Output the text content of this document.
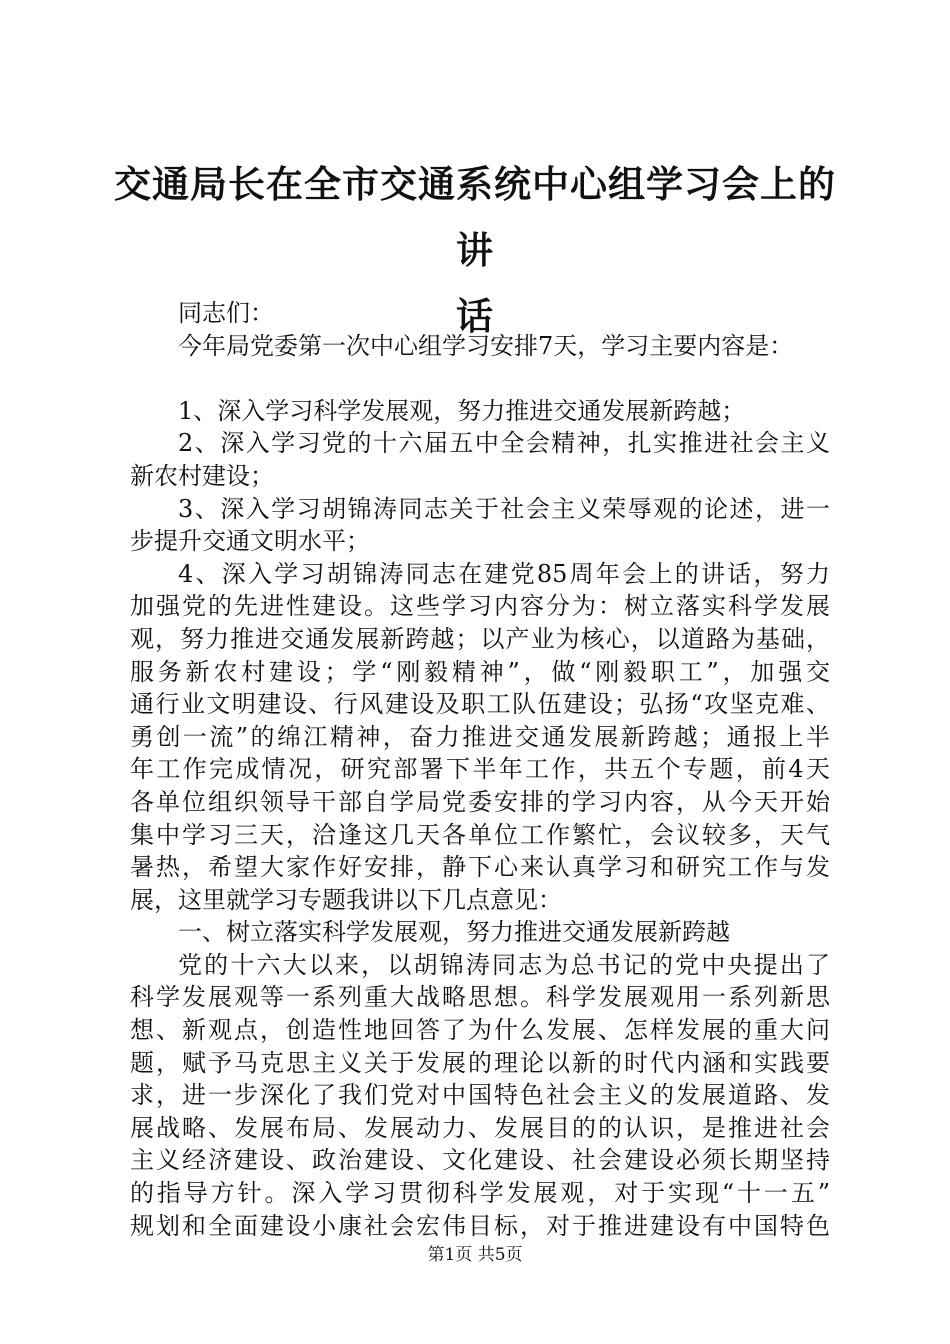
交通局长在全市交通系统中心组学习会上的讲
话
同志们：
今年局党委第一次中心组学习安排7天，学习主要内容是：
1、深入学习科学发展观，努力推进交通发展新跨越；
2、深入学习党的十六届五中全会精神，扎实推进社会主义
新农村建设；
3、深入学习胡锦涛同志关于社会主义荣辱观的论述，进一
步提升交通文明水平；
4、深入学习胡锦涛同志在建党85周年会上的讲话，努力
加强党的先进性建设。这些学习内容分为：树立落实科学发展
观，努力推进交通发展新跨越；以产业为核心，以道路为基础，
服务新农村建设；学“刚毅精神”，做“刚毅职工”，加强交
通行业文明建设、行风建设及职工队伍建设；弘扬“攻坚克难、
勇创一流”的绵江精神，奋力推进交通发展新跨越；通报上半
年工作完成情况，研究部署下半年工作，共五个专题，前4天
各单位组织领导干部自学局党委安排的学习内容，从今天开始
集中学习三天，洽逢这几天各单位工作繁忙，会议较多，天气
暑热，希望大家作好安排，静下心来认真学习和研究工作与发
展，这里就学习专题我讲以下几点意见：
一、树立落实科学发展观，努力推进交通发展新跨越
党的十六大以来，以胡锦涛同志为总书记的党中央提出了
科学发展观等一系列重大战略思想。科学发展观用一系列新思
想、新观点，创造性地回答了为什么发展、怎样发展的重大问
题，赋予马克思主义关于发展的理论以新的时代内涵和实践要
求，进一步深化了我们党对中国特色社会主义的发展道路、发
展战略、发展布局、发展动力、发展目的的认识，是推进社会
主义经济建设、政治建设、文化建设、社会建设必须长期坚持
的指导方针。深入学习贯彻科学发展观，对于实现“十一五”
规划和全面建设小康社会宏伟目标，对于推进建设有中国特色
第1页 共5页
